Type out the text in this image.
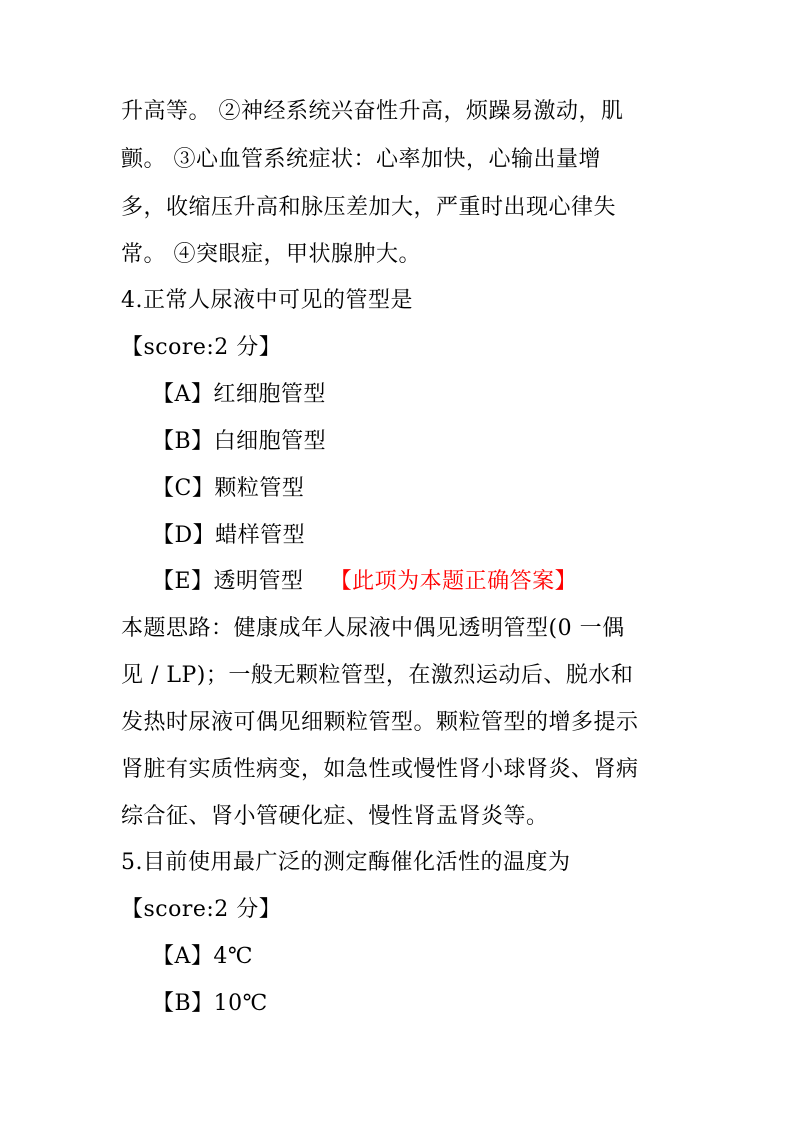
升高等。 ②神经系统兴奋性升高，烦躁易激动，肌
颤。 ③心血管系统症状：心率加快，心输出量增
多，收缩压升高和脉压差加大，严重时出现心律失
常。 ④突眼症，甲状腺肿大。
4.正常人尿液中可见的管型是
【score:2 分】
【A】红细胞管型
【B】白细胞管型
【C】颗粒管型
【D】蜡样管型
【E】透明管型 【此项为本题正确答案】
本题思路：健康成年人尿液中偶见透明管型(0 一偶
见 / LP)；一般无颗粒管型，在激烈运动后、脱水和
发热时尿液可偶见细颗粒管型。颗粒管型的增多提示
肾脏有实质性病变，如急性或慢性肾小球肾炎、肾病
综合征、肾小管硬化症、慢性肾盂肾炎等。
5.目前使用最广泛的测定酶催化活性的温度为
【score:2 分】
【A】4℃
【B】10℃
